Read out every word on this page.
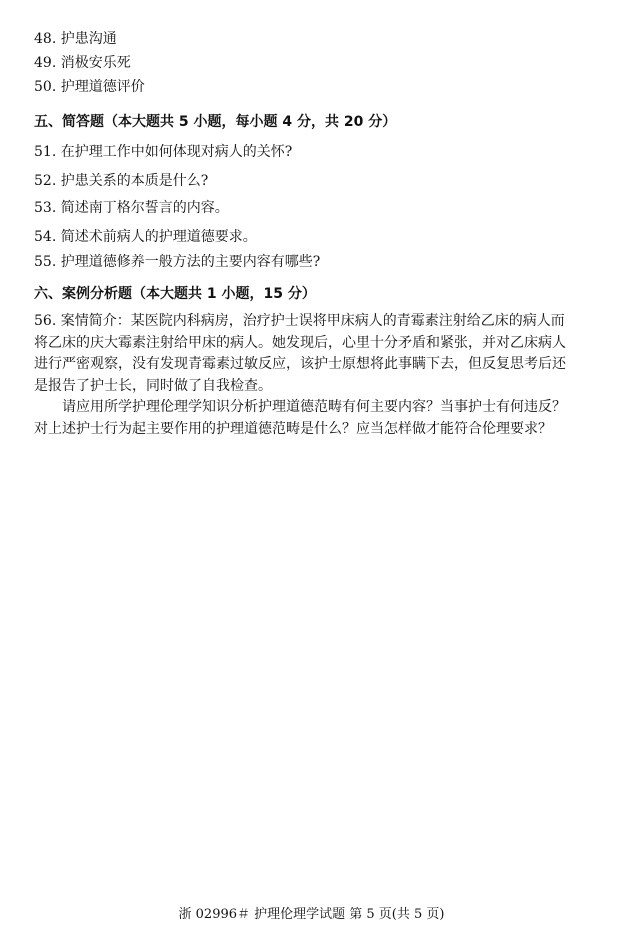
48. 护患沟通
49. 消极安乐死
50. 护理道德评价
五、简答题（本大题共 5 小题，每小题 4 分，共 20 分）
51. 在护理工作中如何体现对病人的关怀?
52. 护患关系的本质是什么?
53. 简述南丁格尔誓言的内容。
54. 简述术前病人的护理道德要求。
55. 护理道德修养一般方法的主要内容有哪些?
六、案例分析题（本大题共 1 小题，15 分）

56. 案情简介：某医院内科病房，治疗护士误将甲床病人的青霉素注射给乙床的病人而

将乙床的庆大霉素注射给甲床的病人。她发现后，心里十分矛盾和紧张，并对乙床病人

进行严密观察，没有发现青霉素过敏反应，该护士原想将此事瞒下去，但反复思考后还

是报告了护士长，同时做了自我检查。

请应用所学护理伦理学知识分析护理道德范畴有何主要内容？当事护士有何违反？

对上述护士行为起主要作用的护理道德范畴是什么？应当怎样做才能符合伦理要求？

浙 02996＃ 护理伦理学试题 第 5 页(共 5 页)
